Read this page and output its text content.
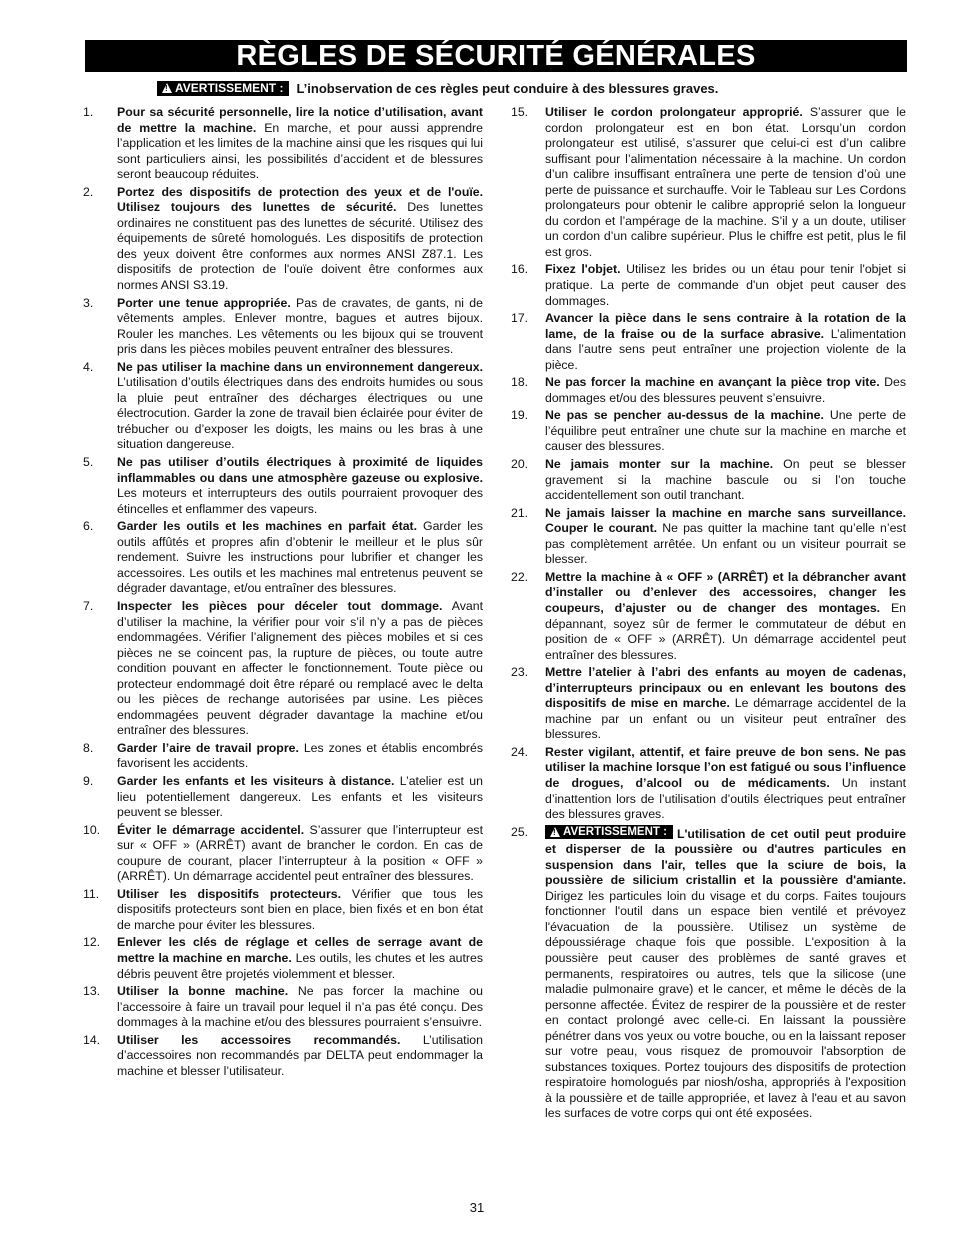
RÈGLES DE SÉCURITÉ GÉNÉRALES
!
AVERTISSEMENT : L’inobservation de ces règles peut conduire à des blessures graves.
1.	Pour sa sécurité personnelle, lire la notice d’utilisation, avant de mettre la machine. En marche, et pour aussi apprendre l’application et les limites de la machine ainsi que les risques qui lui sont particuliers ainsi, les possibilités d’accident et de blessures seront beaucoup réduites.
2.	Portez des dispositifs de protection des yeux et de l'ouïe. Utilisez toujours des lunettes de sécurité. Des lunettes ordinaires ne constituent pas des lunettes de sécurité. Utilisez des équipements de sûreté homologués. Les dispositifs de protection des yeux doivent être conformes aux normes ANSI Z87.1. Les dispositifs de protection de l'ouïe doivent être conformes aux normes ANSI S3.19.
3.	Porter une tenue appropriée. Pas de cravates, de gants, ni de vêtements amples. Enlever montre, bagues et autres bijoux. Rouler les manches. Les vêtements ou les bijoux qui se trouvent pris dans les pièces mobiles peuvent entraîner des blessures.
4.	Ne pas utiliser la machine dans un environnement dangereux. L’utilisation d’outils électriques dans des endroits humides ou sous la pluie peut entraîner des décharges électriques ou une électrocution. Garder la zone de travail bien éclairée pour éviter de trébucher ou d’exposer les doigts, les mains ou les bras à une situation dangereuse.
5.	Ne pas utiliser d’outils électriques à proximité de liquides inflammables ou dans une atmosphère gazeuse ou explosive. Les moteurs et interrupteurs des outils pourraient provoquer des étincelles et enflammer des vapeurs.
6.	Garder les outils et les machines en parfait état. Garder les outils affûtés et propres afin d’obtenir le meilleur et le plus sûr rendement. Suivre les instructions pour lubrifier et changer les accessoires. Les outils et les machines mal entretenus peuvent se dégrader davantage, et/ou entraîner des blessures.
7.	Inspecter les pièces pour déceler tout dommage. Avant d’utiliser la machine, la vérifier pour voir s’il n’y a pas de pièces endommagées. Vérifier l’alignement des pièces mobiles et si ces pièces ne se coincent pas, la rupture de pièces, ou toute autre condition pouvant en affecter le fonctionnement. Toute pièce ou protecteur endommagé doit être réparé ou remplacé avec le delta ou les pièces de rechange autorisées par usine. Les pièces endommagées peuvent dégrader davantage la machine et/ou entraîner des blessures.
8.	Garder l’aire de travail propre. Les zones et établis encombrés favorisent les accidents.
9.	Garder les enfants et les visiteurs à distance. L’atelier est un lieu potentiellement dangereux. Les enfants et les visiteurs peuvent se blesser.
10.	Éviter le démarrage accidentel. S’assurer que l’interrupteur est sur « OFF » (ARRÊT) avant de brancher le cordon. En cas de coupure de courant, placer l’interrupteur à la position « OFF » (ARRÊT). Un démarrage accidentel peut entraîner des blessures.
11.	Utiliser les dispositifs protecteurs. Vérifier que tous les dispositifs protecteurs sont bien en place, bien fixés et en bon état de marche pour éviter les blessures.
12.	Enlever les clés de réglage et celles de serrage avant de mettre la machine en marche. Les outils, les chutes et les autres débris peuvent être projetés violemment et blesser.
13.	Utiliser la bonne machine. Ne pas forcer la machine ou l’accessoire à faire un travail pour lequel il n’a pas été conçu. Des dommages à la machine et/ou des blessures pourraient s’ensuivre.
14.	Utiliser les accessoires recommandés. L’utilisation d’accessoires non recommandés par DELTA peut endommager la machine et blesser l’utilisateur.
15.	Utiliser le cordon prolongateur approprié. S’assurer que le cordon prolongateur est en bon état. Lorsqu’un cordon prolongateur est utilisé, s’assurer que celui-ci est d’un calibre suffisant pour l’alimentation nécessaire à la machine. Un cordon d’un calibre insuffisant entraînera une perte de tension d’où une perte de puissance et surchauffe. Voir le Tableau sur Les Cordons prolongateurs pour obtenir le calibre approprié selon la longueur du cordon et l’ampérage de la machine. S’il y a un doute, utiliser un cordon d’un calibre supérieur. Plus le chiffre est petit, plus le fil est gros.
16.	Fixez l'objet. Utilisez les brides ou un étau pour tenir l'objet si pratique. La perte de commande d'un objet peut causer des dommages.
17.	Avancer la pièce dans le sens contraire à la rotation de la lame, de la fraise ou de la surface abrasive. L’alimentation dans l’autre sens peut entraîner une projection violente de la pièce.
18.	Ne pas forcer la machine en avançant la pièce trop vite. Des dommages et/ou des blessures peuvent s’ensuivre.
19.	Ne pas se pencher au-dessus de la machine. Une perte de l’équilibre peut entraîner une chute sur la machine en marche et causer des blessures.
20.	Ne jamais monter sur la machine. On peut se blesser gravement si la machine bascule ou si l’on touche accidentellement son outil tranchant.
21.	Ne jamais laisser la machine en marche sans surveillance. Couper le courant. Ne pas quitter la machine tant qu’elle n’est pas complètement arrêtée. Un enfant ou un visiteur pourrait se blesser.
22.	Mettre la machine à « OFF » (ARRÊT) et la débrancher avant d’installer ou d’enlever des accessoires, changer les coupeurs, d’ajuster ou de changer des montages. En dépannant, soyez sûr de fermer le commutateur de début en position de « OFF » (ARRÊT). Un démarrage accidentel peut entraîner des blessures.
23.	Mettre l’atelier à l’abri des enfants au moyen de cadenas, d’interrupteurs principaux ou en enlevant les boutons des dispositifs de mise en marche. Le démarrage accidentel de la machine par un enfant ou un visiteur peut entraîner des blessures.
24.	Rester vigilant, attentif, et faire preuve de bon sens. Ne pas utiliser la machine lorsque l’on est fatigué ou sous l’influence de drogues, d’alcool ou de médicaments. Un instant d’inattention lors de l’utilisation d’outils électriques peut entraîner des blessures graves.
25.
!	AVERTISSEMENT : L'utilisation de cet outil peut produire et disperser de la poussière ou d'autres particules en suspension dans l'air, telles que la sciure de bois, la poussière de silicium cristallin et la poussière d'amiante. Dirigez les particules loin du visage et du corps. Faites toujours fonctionner l'outil dans un espace bien ventilé et prévoyez l'évacuation de la poussière. Utilisez un système de dépoussiérage chaque fois que possible. L'exposition à la poussière peut causer des problèmes de santé graves et permanents, respiratoires ou autres, tels que la silicose (une maladie pulmonaire grave) et le cancer, et même le décès de la personne affectée. Évitez de respirer de la poussière et de rester en contact prolongé avec celle-ci. En laissant la poussière pénétrer dans vos yeux ou votre bouche, ou en la laissant reposer sur votre peau, vous risquez de promouvoir l'absorption de substances toxiques. Portez toujours des dispositifs de protection respiratoire homologués par niosh/osha, appropriés à l'exposition à la poussière et de taille appropriée, et lavez à l'eau et au savon les surfaces de votre corps qui ont été exposées.
31
